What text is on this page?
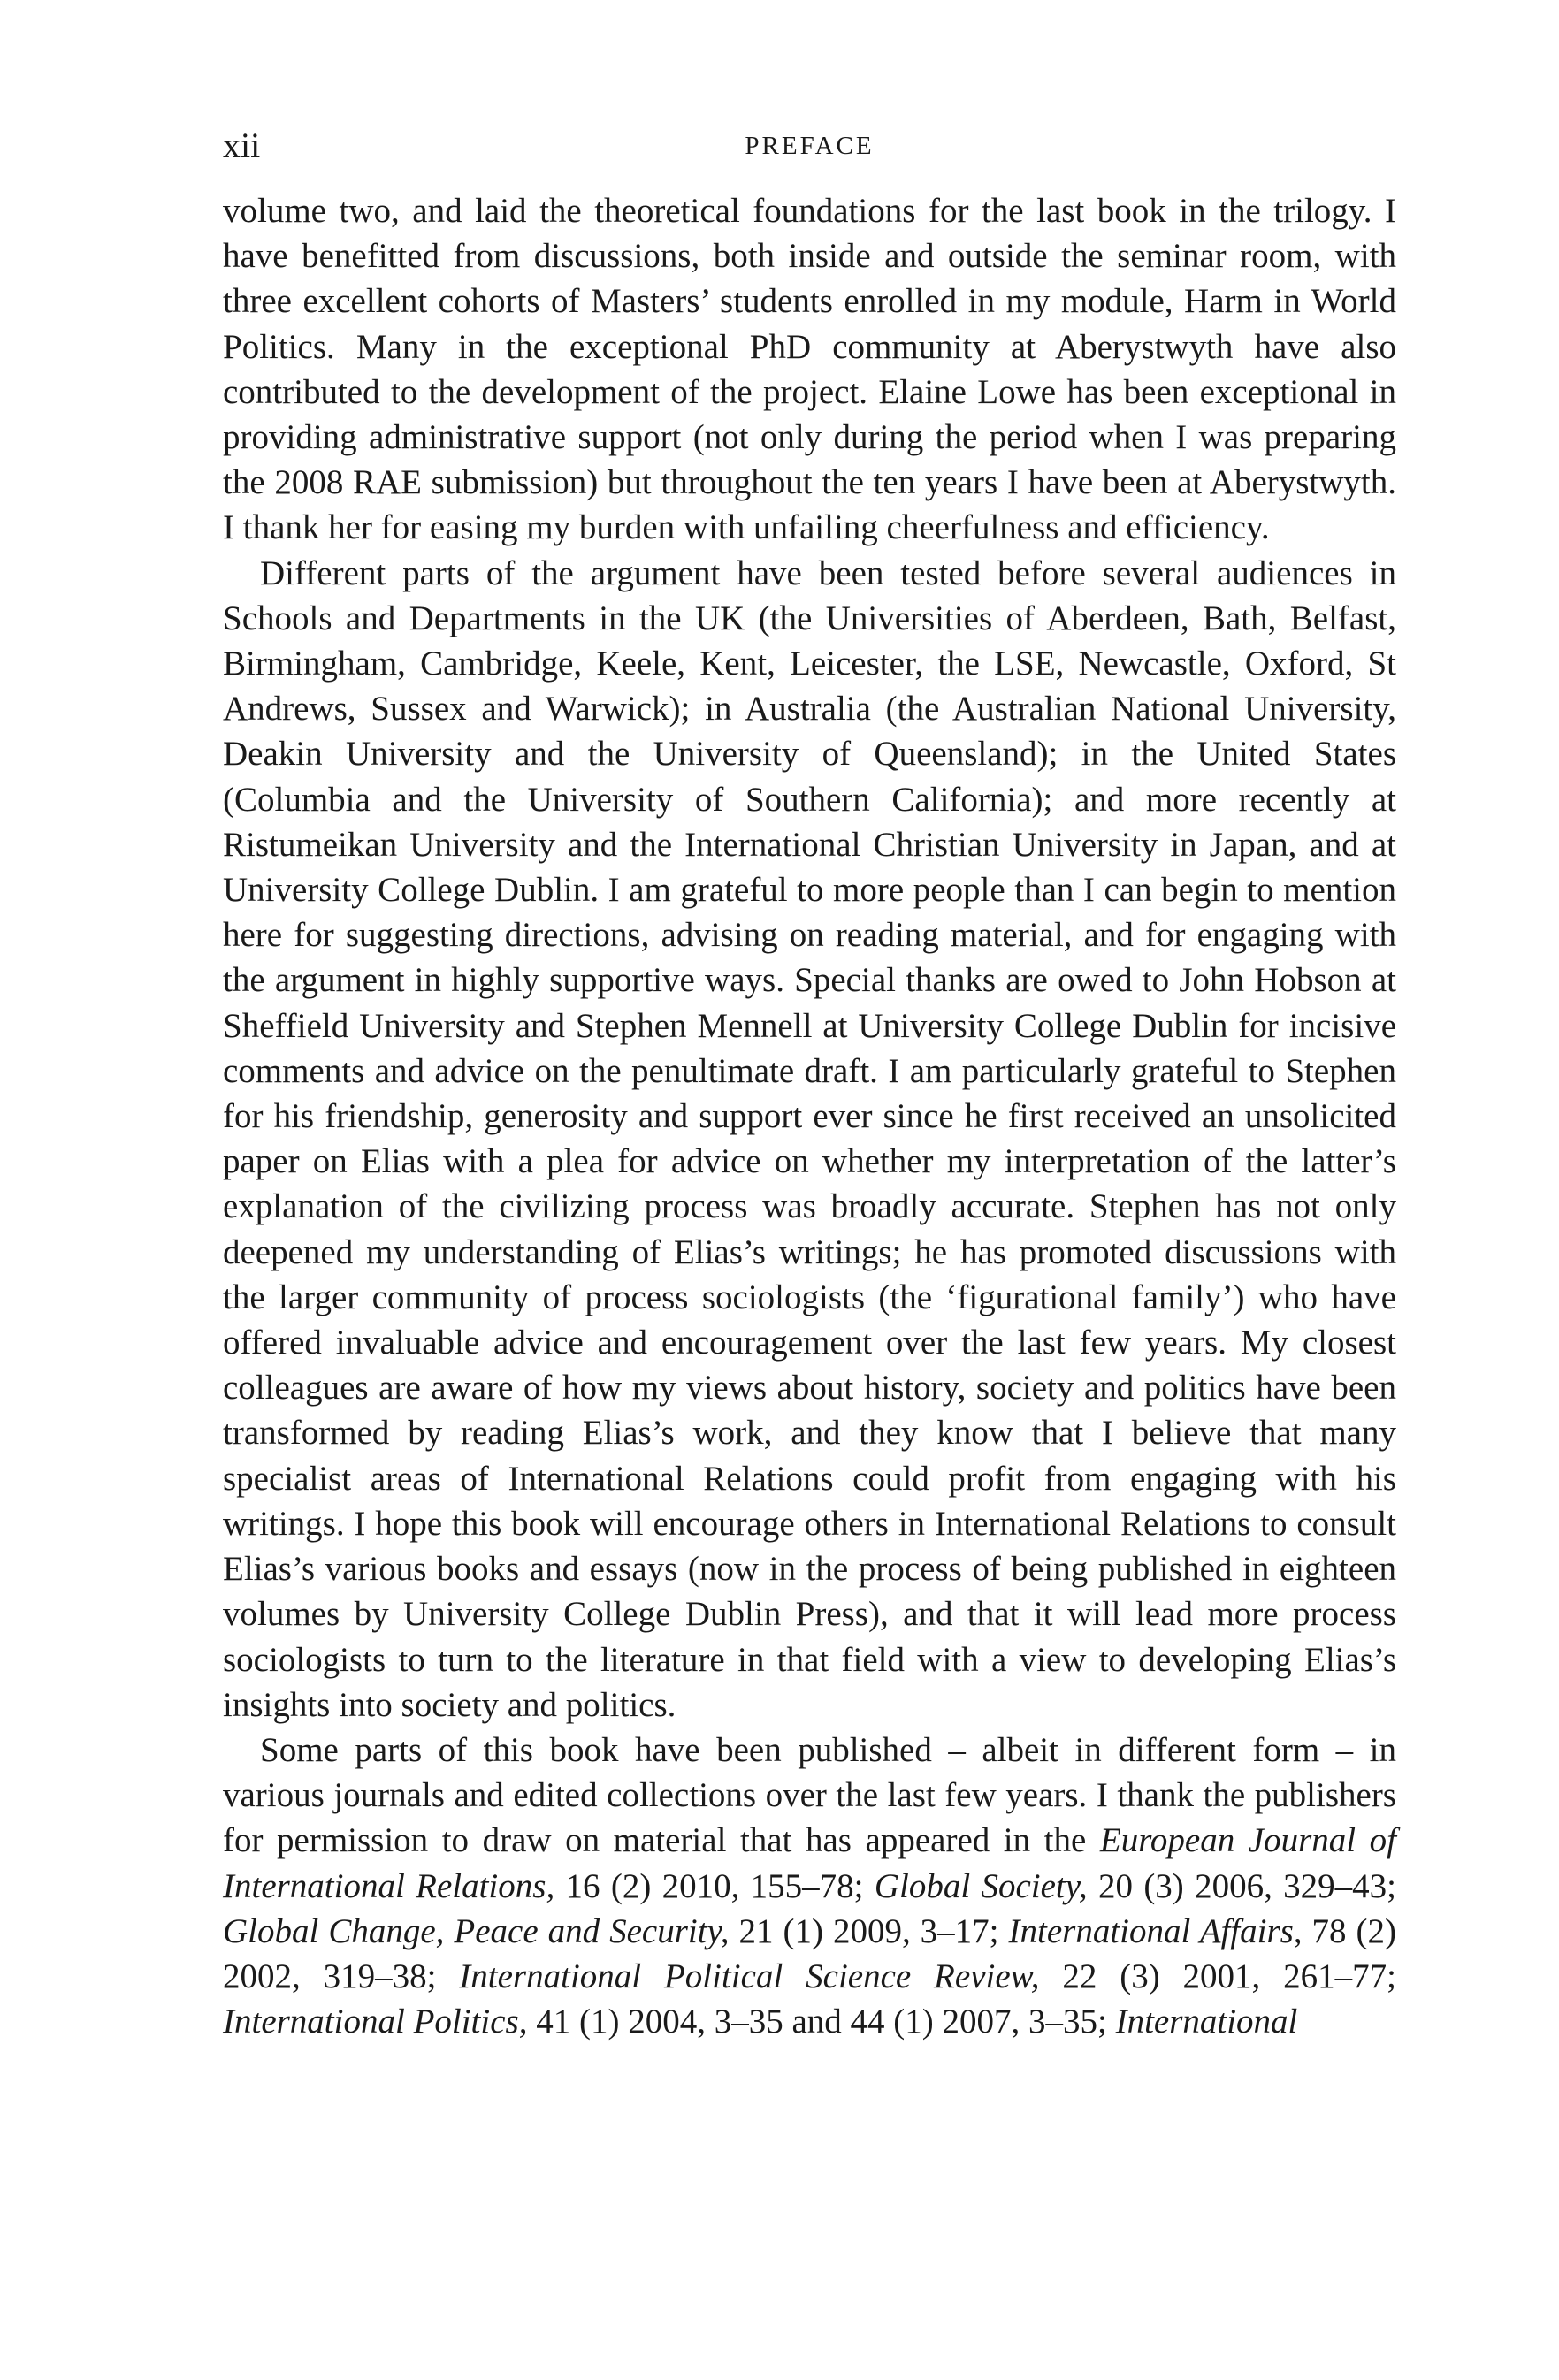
xii	PREFACE

volume two, and laid the theoretical foundations for the last book in the trilogy. I have benefitted from discussions, both inside and outside the seminar room, with three excellent cohorts of Masters’ students enrolled in my module, Harm in World Politics. Many in the exceptional PhD community at Aberystwyth have also contributed to the development of the project. Elaine Lowe has been exceptional in providing administrative support (not only during the period when I was preparing the 2008 RAE submission) but throughout the ten years I have been at Aberystwyth. I thank her for easing my burden with unfailing cheerfulness and efficiency.

Different parts of the argument have been tested before several audiences in Schools and Departments in the UK (the Universities of Aberdeen, Bath, Belfast, Birmingham, Cambridge, Keele, Kent, Leicester, the LSE, Newcastle, Oxford, St Andrews, Sussex and Warwick); in Australia (the Australian National University, Deakin University and the University of Queensland); in the United States (Columbia and the University of Southern California); and more recently at Ristumeikan University and the International Christian University in Japan, and at University College Dublin. I am grateful to more people than I can begin to mention here for suggesting directions, advising on reading material, and for engaging with the argument in highly supportive ways. Special thanks are owed to John Hobson at Sheffield University and Stephen Mennell at University College Dublin for incisive comments and advice on the penultimate draft. I am particularly grateful to Stephen for his friendship, generosity and support ever since he first received an unsolicited paper on Elias with a plea for advice on whether my interpretation of the latter’s explanation of the civilizing process was broadly accurate. Stephen has not only deepened my understanding of Elias’s writings; he has promoted discussions with the larger community of process sociologists (the ‘figurational family’) who have offered invaluable advice and encouragement over the last few years. My closest colleagues are aware of how my views about history, society and politics have been transformed by reading Elias’s work, and they know that I believe that many specialist areas of International Relations could profit from engaging with his writings. I hope this book will encourage others in International Relations to consult Elias’s various books and essays (now in the process of being published in eighteen volumes by University College Dublin Press), and that it will lead more process sociologists to turn to the literature in that field with a view to developing Elias’s insights into society and politics.

Some parts of this book have been published – albeit in different form – in various journals and edited collections over the last few years. I thank the publishers for permission to draw on material that has appeared in the European Journal of International Relations, 16 (2) 2010, 155–78; Global Society, 20 (3) 2006, 329–43; Global Change, Peace and Security, 21 (1) 2009, 3–17; International Affairs, 78 (2) 2002, 319–38; International Political Science Review, 22 (3) 2001, 261–77; International Politics, 41 (1) 2004, 3–35 and 44 (1) 2007, 3–35; International
